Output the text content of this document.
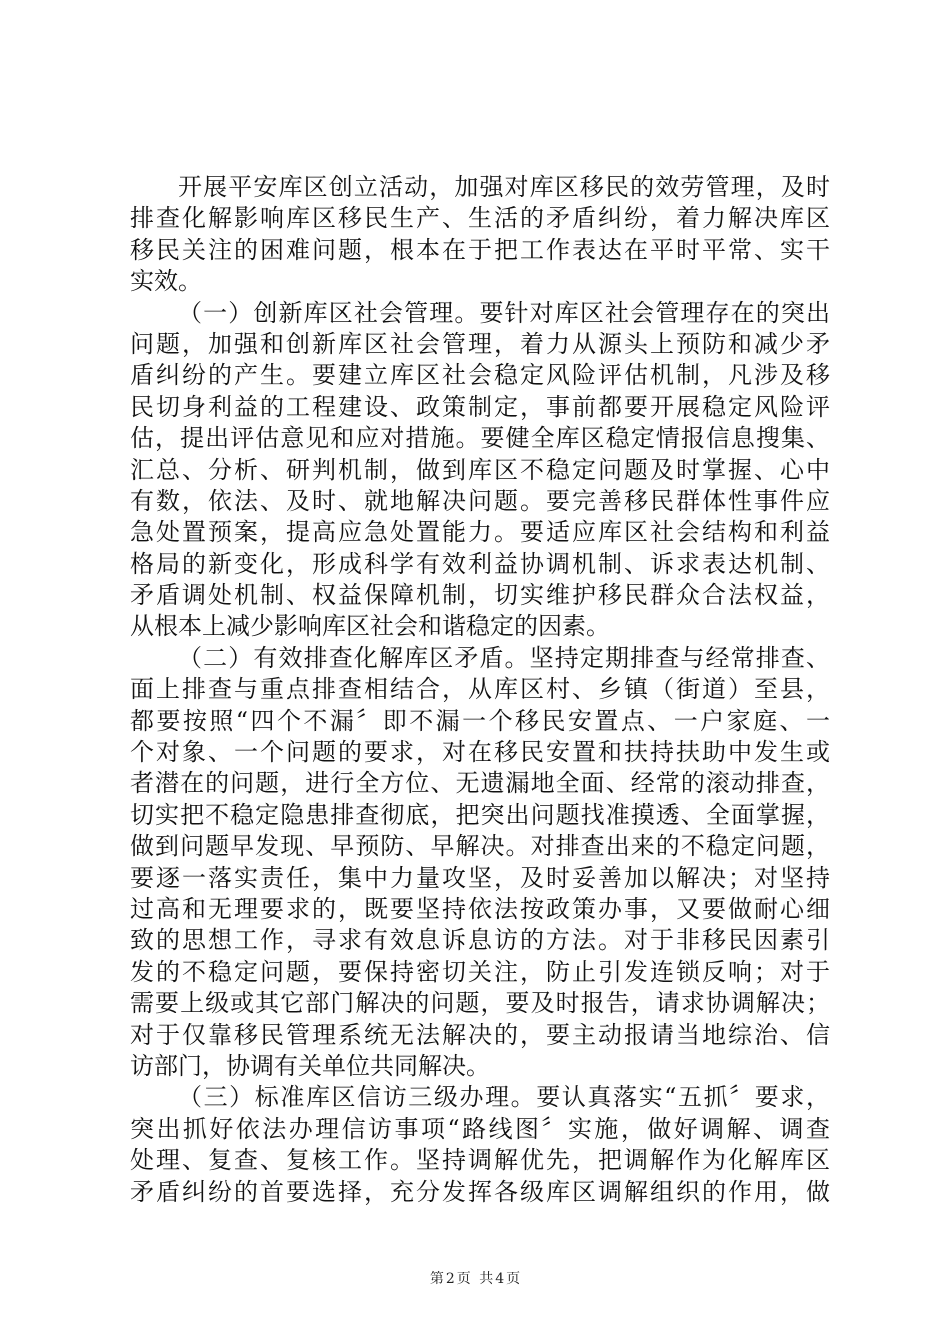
开展平安库区创立活动，加强对库区移民的效劳管理，及时
排查化解影响库区移民生产、生活的矛盾纠纷，着力解决库区
移民关注的困难问题，根本在于把工作表达在平时平常、实干
实效。
（一）创新库区社会管理。要针对库区社会管理存在的突出
问题，加强和创新库区社会管理，着力从源头上预防和减少矛
盾纠纷的产生。要建立库区社会稳定风险评估机制，凡涉及移
民切身利益的工程建设、政策制定，事前都要开展稳定风险评
估，提出评估意见和应对措施。要健全库区稳定情报信息搜集、
汇总、分析、研判机制，做到库区不稳定问题及时掌握、心中
有数，依法、及时、就地解决问题。要完善移民群体性事件应
急处置预案，提高应急处置能力。要适应库区社会结构和利益
格局的新变化，形成科学有效利益协调机制、诉求表达机制、
矛盾调处机制、权益保障机制，切实维护移民群众合法权益，
从根本上减少影响库区社会和谐稳定的因素。
（二）有效排查化解库区矛盾。坚持定期排查与经常排查、
面上排查与重点排查相结合，从库区村、乡镇（街道）至县，
都要按照“四个不漏〞即不漏一个移民安置点、一户家庭、一
个对象、一个问题的要求，对在移民安置和扶持扶助中发生或
者潜在的问题，进行全方位、无遗漏地全面、经常的滚动排查，
切实把不稳定隐患排查彻底，把突出问题找准摸透、全面掌握，
做到问题早发现、早预防、早解决。对排查出来的不稳定问题，
要逐一落实责任，集中力量攻坚，及时妥善加以解决；对坚持
过高和无理要求的，既要坚持依法按政策办事，又要做耐心细
致的思想工作，寻求有效息诉息访的方法。对于非移民因素引
发的不稳定问题，要保持密切关注，防止引发连锁反响；对于
需要上级或其它部门解决的问题，要及时报告，请求协调解决；
对于仅靠移民管理系统无法解决的，要主动报请当地综治、信
访部门，协调有关单位共同解决。
（三）标准库区信访三级办理。要认真落实“五抓〞要求，
突出抓好依法办理信访事项“路线图〞实施，做好调解、调查
处理、复查、复核工作。坚持调解优先，把调解作为化解库区
矛盾纠纷的首要选择，充分发挥各级库区调解组织的作用，做
第 2 页 共 4 页
